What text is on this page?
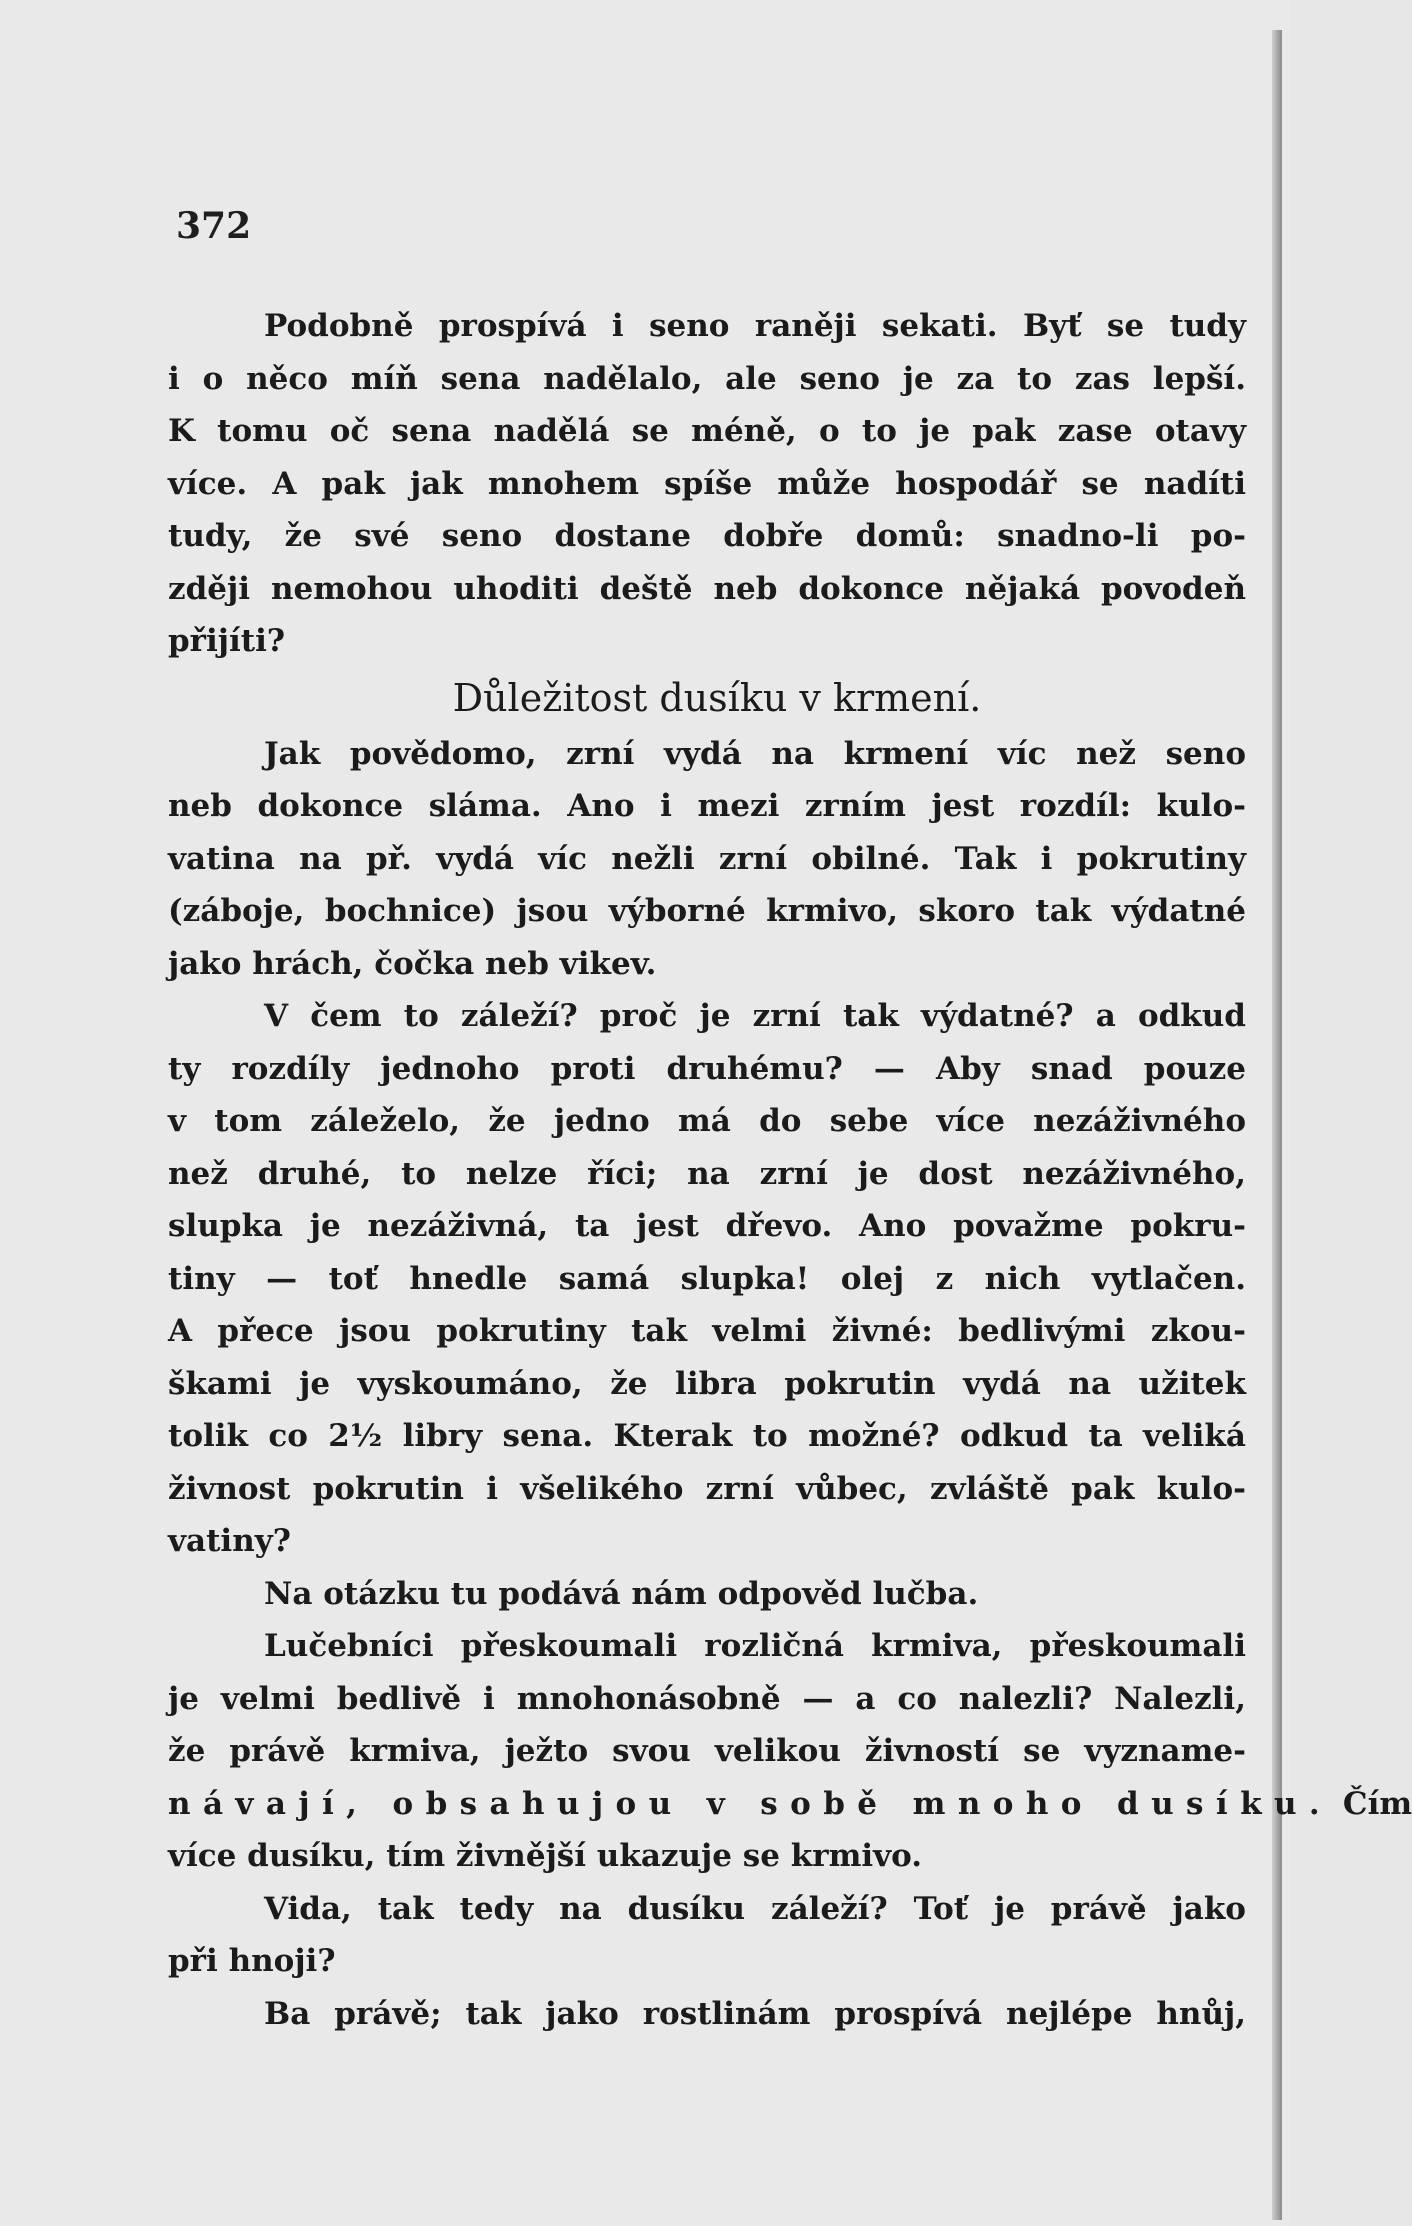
372
Podobně prospívá i seno raněji sekati. Byť se tudy
i o něco míň sena nadělalo, ale seno je za to zas lepší.
K tomu oč sena nadělá se méně, o to je pak zase otavy
více. A pak jak mnohem spíše může hospodář se nadíti
tudy, že své seno dostane dobře domů: snadno-li po-
zději nemohou uhoditi deště neb dokonce nějaká povodeň
přijíti?
Důležitost dusíku v krmení.
Jak povědomo, zrní vydá na krmení víc než seno
neb dokonce sláma. Ano i mezi zrním jest rozdíl: kulo-
vatina na př. vydá víc nežli zrní obilné. Tak i pokrutiny
(záboje, bochnice) jsou výborné krmivo, skoro tak výdatné
jako hrách, čočka neb vikev.
V čem to záleží? proč je zrní tak výdatné? a odkud
ty rozdíly jednoho proti druhému? — Aby snad pouze
v tom záleželo, že jedno má do sebe více nezáživného
než druhé, to nelze říci; na zrní je dost nezáživného,
slupka je nezáživná, ta jest dřevo. Ano považme pokru-
tiny — toť hnedle samá slupka! olej z nich vytlačen.
A přece jsou pokrutiny tak velmi živné: bedlivými zkou-
škami je vyskoumáno, že libra pokrutin vydá na užitek
tolik co 2½ libry sena. Kterak to možné? odkud ta veliká
živnost pokrutin i všelikého zrní vůbec, zvláště pak kulo-
vatiny?
Na otázku tu podává nám odpověd lučba.
Lučebníci přeskoumali rozličná krmiva, přeskoumali
je velmi bedlivě i mnohonásobně — a co nalezli? Nalezli,
že právě krmiva, ježto svou velikou živností se vyzname-
návají, obsahujou v sobě mnoho dusíku. Čím
více dusíku, tím živnější ukazuje se krmivo.
Vida, tak tedy na dusíku záleží? Toť je právě jako
při hnoji?
Ba právě; tak jako rostlinám prospívá nejlépe hnůj,
